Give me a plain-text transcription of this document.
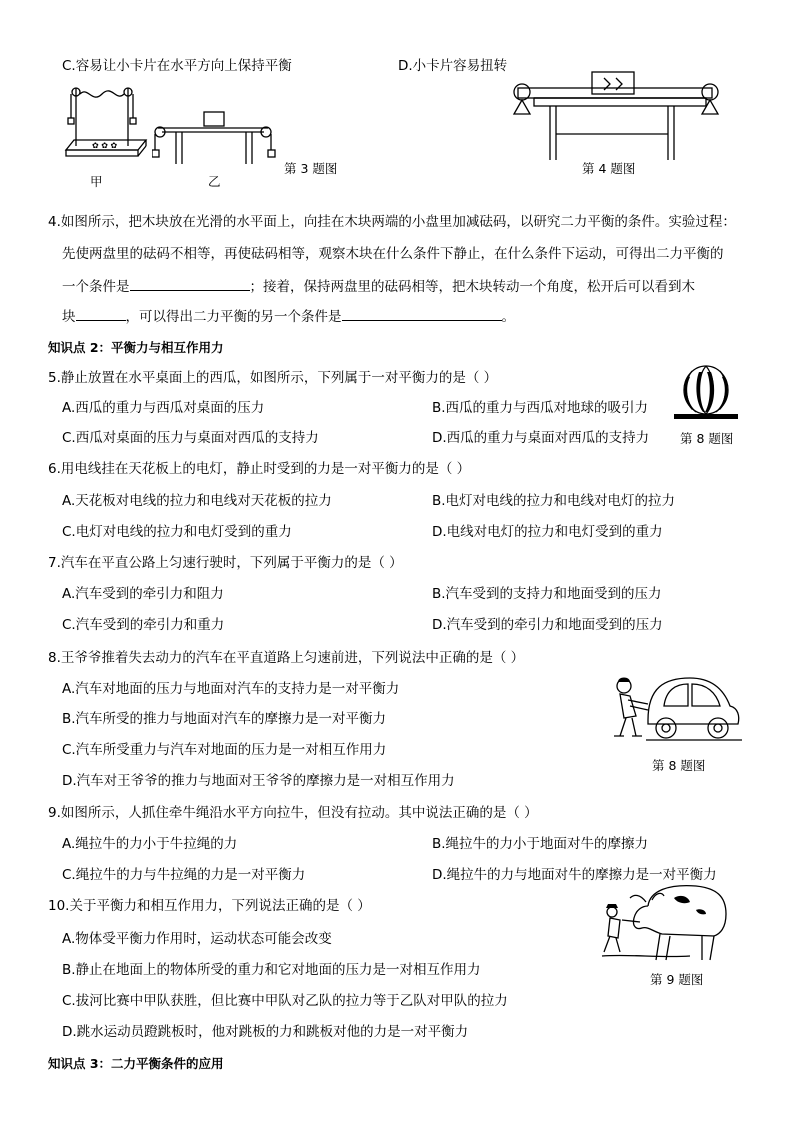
C.容易让小卡片在水平方向上保持平衡	D.小卡片容易扭转
✿ ✿ ✿
甲	乙
第 3 题图	第 4 题图
4.如图所示，把木块放在光滑的水平面上，向挂在木块两端的小盘里加减砝码，以研究二力平衡的条件。实验过程：
先使两盘里的砝码不相等，再使砝码相等，观察木块在什么条件下静止，在什么条件下运动，可得出二力平衡的
一个条件是	；接着，保持两盘里的砝码相等，把木块转动一个角度，松开后可以看到木
块	，可以得出二力平衡的另一个条件是	。
知识点 2：平衡力与相互作用力
5.静止放置在水平桌面上的西瓜，如图所示，下列属于一对平衡力的是（ ）
A.西瓜的重力与西瓜对桌面的压力	B.西瓜的重力与西瓜对地球的吸引力
C.西瓜对桌面的压力与桌面对西瓜的支持力	D.西瓜的重力与桌面对西瓜的支持力 第 8 题图
6.用电线挂在天花板上的电灯，静止时受到的力是一对平衡力的是（ ）
A.天花板对电线的拉力和电线对天花板的拉力	B.电灯对电线的拉力和电线对电灯的拉力
C.电灯对电线的拉力和电灯受到的重力	D.电线对电灯的拉力和电灯受到的重力
7.汽车在平直公路上匀速行驶时，下列属于平衡力的是（ ）
A.汽车受到的牵引力和阻力	B.汽车受到的支持力和地面受到的压力
C.汽车受到的牵引力和重力	D.汽车受到的牵引力和地面受到的压力
8.王爷爷推着失去动力的汽车在平直道路上匀速前进，下列说法中正确的是（ ）
A.汽车对地面的压力与地面对汽车的支持力是一对平衡力
B.汽车所受的推力与地面对汽车的摩擦力是一对平衡力
C.汽车所受重力与汽车对地面的压力是一对相互作用力
D.汽车对王爷爷的推力与地面对王爷爷的摩擦力是一对相互作用力
第 8 题图
9.如图所示，人抓住牵牛绳沿水平方向拉牛，但没有拉动。其中说法正确的是（ ）
A.绳拉牛的力小于牛拉绳的力	B.绳拉牛的力小于地面对牛的摩擦力
C.绳拉牛的力与牛拉绳的力是一对平衡力	D.绳拉牛的力与地面对牛的摩擦力是一对平衡力
第 9 题图
10.关于平衡力和相互作用力，下列说法正确的是（ ）
A.物体受平衡力作用时，运动状态可能会改变
B.静止在地面上的物体所受的重力和它对地面的压力是一对相互作用力
C.拔河比赛中甲队获胜，但比赛中甲队对乙队的拉力等于乙队对甲队的拉力
D.跳水运动员蹬跳板时，他对跳板的力和跳板对他的力是一对平衡力
知识点 3：二力平衡条件的应用
